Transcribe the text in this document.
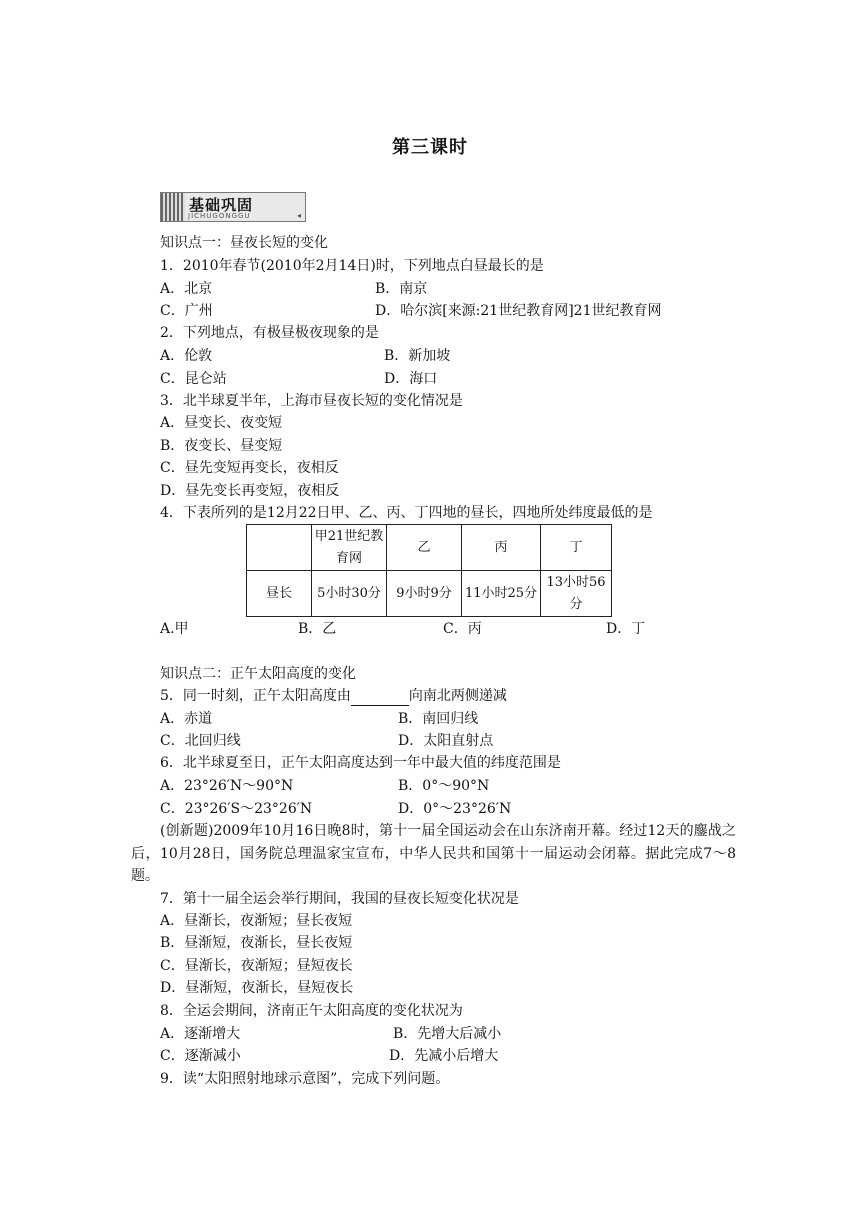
第三课时
基础巩固
JICHUGONGGU	◂
知识点一：昼夜长短的变化
1．2010年春节(2010年2月14日)时，下列地点白昼最长的是
A．北京	B．南京
C．广州	D．哈尔滨[来源:21世纪教育网]21世纪教育网
2．下列地点，有极昼极夜现象的是
A．伦敦	B．新加坡
C．昆仑站	D．海口
3．北半球夏半年，上海市昼夜长短的变化情况是
A．昼变长、夜变短
B．夜变长、昼变短
C．昼先变短再变长，夜相反
D．昼先变长再变短，夜相反
4．下表所列的是12月22日甲、乙、丙、丁四地的昼长，四地所处纬度最低的是
	甲21世纪教育网	乙	丙	丁
昼长	5小时30分	9小时9分	11小时25分	13小时56分
A.甲	B．乙	C．丙	D．丁
知识点二：正午太阳高度的变化
5．同一时刻，正午太阳高度由	向南北两侧递减
A．赤道	B．南回归线
C．北回归线	D．太阳直射点
6．北半球夏至日，正午太阳高度达到一年中最大值的纬度范围是
A．23°26′N～90°N	B．0°～90°N
C．23°26′S～23°26′N	D．0°～23°26′N
(创新题)2009年10月16日晚8时，第十一届全国运动会在山东济南开幕。经过12天的鏖战之后，10月28日，国务院总理温家宝宣布，中华人民共和国第十一届运动会闭幕。据此完成7～8题。
7．第十一届全运会举行期间，我国的昼夜长短变化状况是
A．昼渐长，夜渐短；昼长夜短
B．昼渐短，夜渐长，昼长夜短
C．昼渐长，夜渐短；昼短夜长
D．昼渐短，夜渐长，昼短夜长
8．全运会期间，济南正午太阳高度的变化状况为
A．逐渐增大	B．先增大后减小
C．逐渐减小	D．先减小后增大
9．读“太阳照射地球示意图”，完成下列问题。
